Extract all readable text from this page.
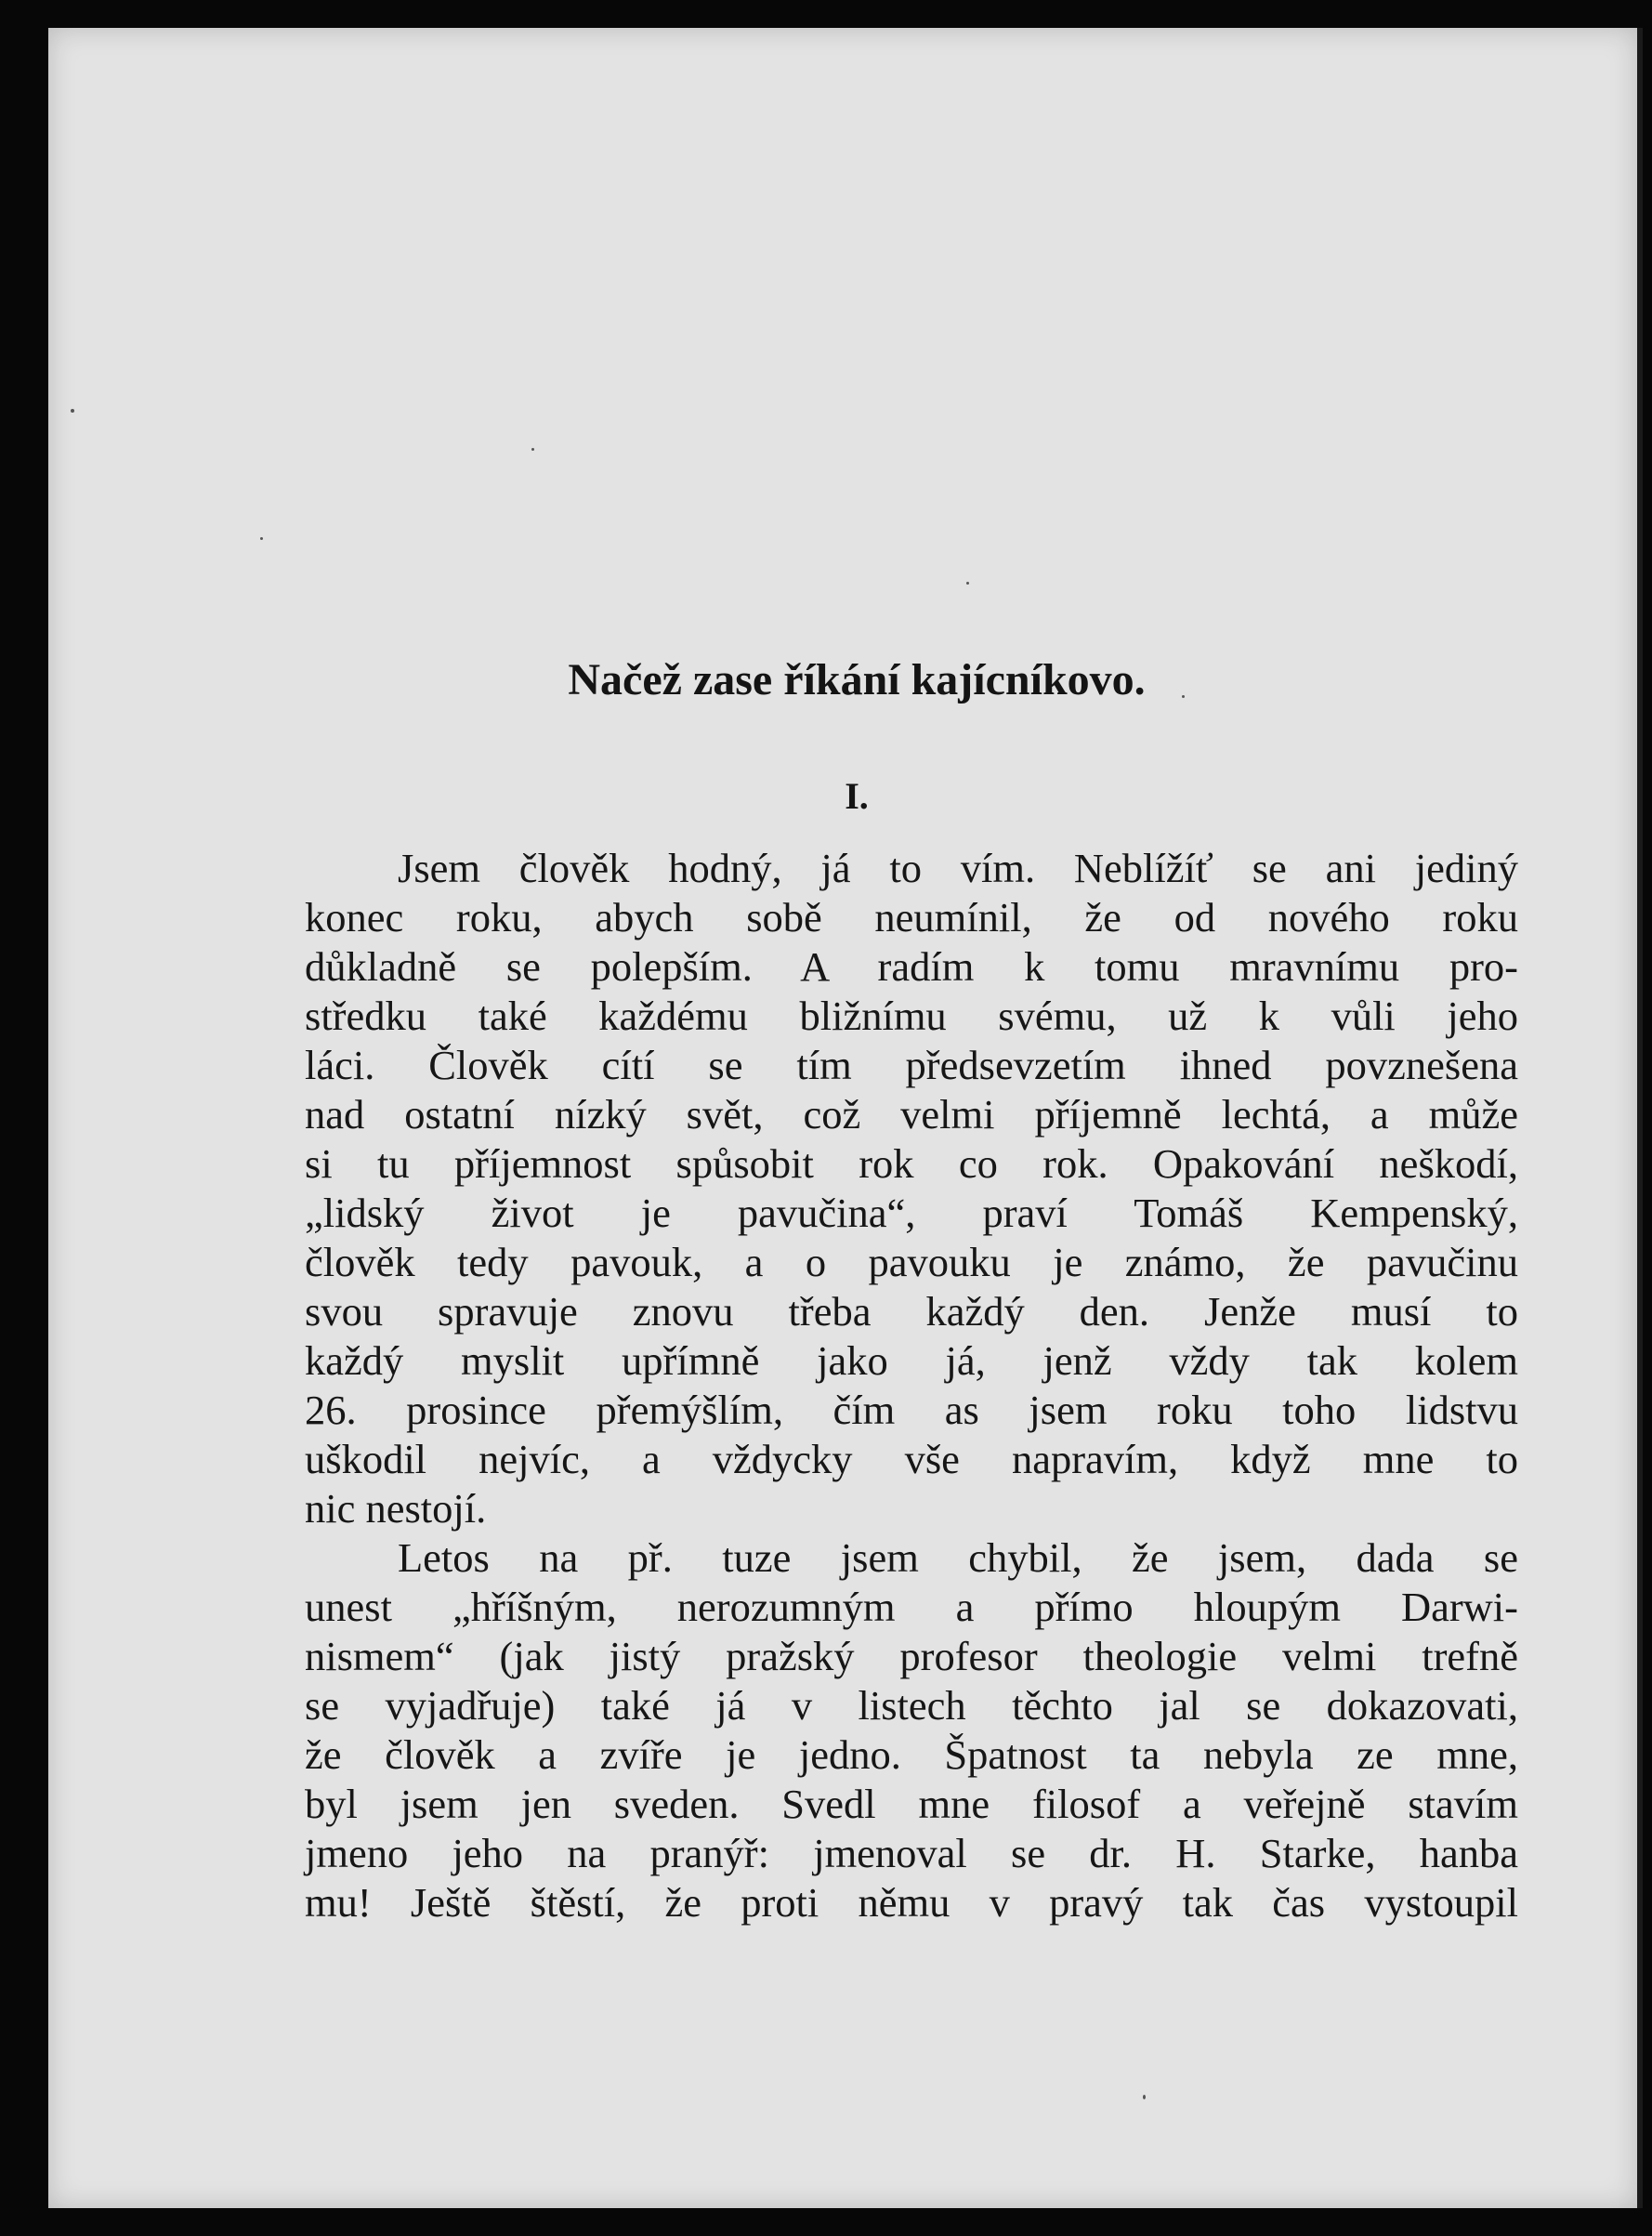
Načež zase říkání kajícníkovo.
I.

Jsem člověk hodný, já to vím. Neblížíť se ani jediný
konec roku, abych sobě neumínil, že od nového roku
důkladně se polepším. A radím k tomu mravnímu pro-
středku také každému bližnímu svému, už k vůli jeho
láci. Člověk cítí se tím předsevzetím ihned povznešena
nad ostatní nízký svět, což velmi příjemně lechtá, a může
si tu příjemnost spůsobit rok co rok. Opakování neškodí,
„lidský život je pavučina“, praví Tomáš Kempenský,
člověk tedy pavouk, a o pavouku je známo, že pavučinu
svou spravuje znovu třeba každý den. Jenže musí to
každý myslit upřímně jako já, jenž vždy tak kolem
26. prosince přemýšlím, čím as jsem roku toho lidstvu
uškodil nejvíc, a vždycky vše napravím, když mne to
nic nestojí.

Letos na př. tuze jsem chybil, že jsem, dada se
unest „hříšným, nerozumným a přímo hloupým Darwi-
nismem“ (jak jistý pražský profesor theologie velmi trefně
se vyjadřuje) také já v listech těchto jal se dokazovati,
že člověk a zvíře je jedno. Špatnost ta nebyla ze mne,
byl jsem jen sveden. Svedl mne filosof a veřejně stavím
jmeno jeho na pranýř: jmenoval se dr. H. Starke, hanba
mu! Ještě štěstí, že proti němu v pravý tak čas vystoupil
